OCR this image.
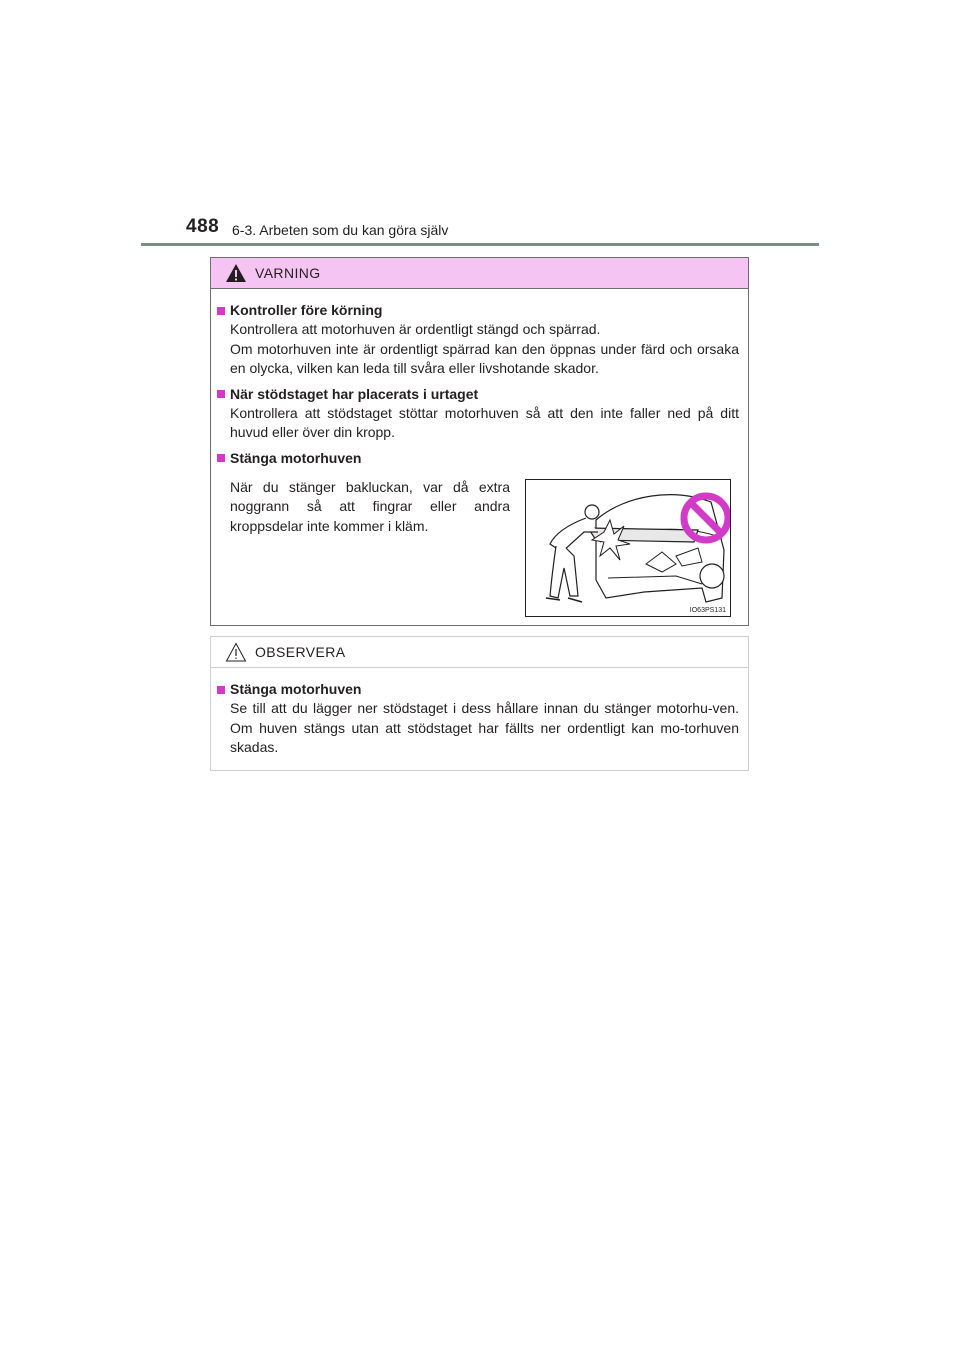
488 6-3. Arbeten som du kan göra själv
VARNING
Kontroller före körning
Kontrollera att motorhuven är ordentligt stängd och spärrad.
Om motorhuven inte är ordentligt spärrad kan den öppnas under färd och orsaka en olycka, vilken kan leda till svåra eller livshotande skador.
När stödstaget har placerats i urtaget
Kontrollera att stödstaget stöttar motorhuven så att den inte faller ned på ditt huvud eller över din kropp.
Stänga motorhuven
När du stänger bakluckan, var då extra noggrann så att fingrar eller andra kroppsdelar inte kommer i kläm.
IO63PS131
OBSERVERA
Stänga motorhuven
Se till att du lägger ner stödstaget i dess hållare innan du stänger motorhu-ven. Om huven stängs utan att stödstaget har fällts ner ordentligt kan mo-torhuven skadas.
